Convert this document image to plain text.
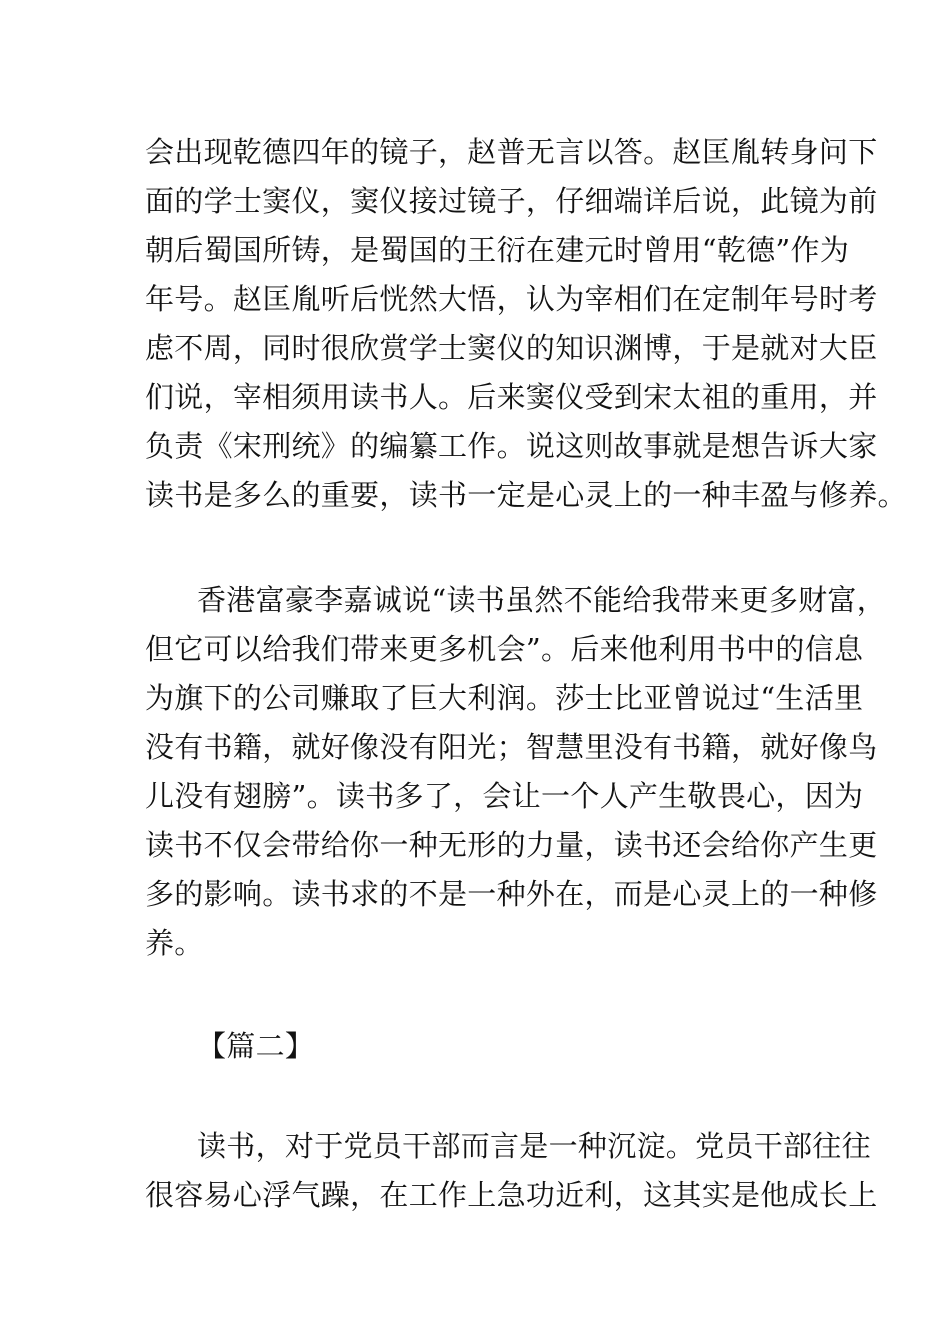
会出现乾德四年的镜子，赵普无言以答。赵匡胤转身问下
面的学士窦仪，窦仪接过镜子，仔细端详后说，此镜为前
朝后蜀国所铸，是蜀国的王衍在建元时曾用“乾德”作为
年号。赵匡胤听后恍然大悟，认为宰相们在定制年号时考
虑不周，同时很欣赏学士窦仪的知识渊博，于是就对大臣
们说，宰相须用读书人。后来窦仪受到宋太祖的重用，并
负责《宋刑统》的编纂工作。说这则故事就是想告诉大家
读书是多么的重要，读书一定是心灵上的一种丰盈与修养。
香港富豪李嘉诚说“读书虽然不能给我带来更多财富，
但它可以给我们带来更多机会”。后来他利用书中的信息
为旗下的公司赚取了巨大利润。莎士比亚曾说过“生活里
没有书籍，就好像没有阳光；智慧里没有书籍，就好像鸟
儿没有翅膀”。读书多了，会让一个人产生敬畏心，因为
读书不仅会带给你一种无形的力量，读书还会给你产生更
多的影响。读书求的不是一种外在，而是心灵上的一种修
养。
【篇二】
读书，对于党员干部而言是一种沉淀。党员干部往往
很容易心浮气躁，在工作上急功近利，这其实是他成长上
